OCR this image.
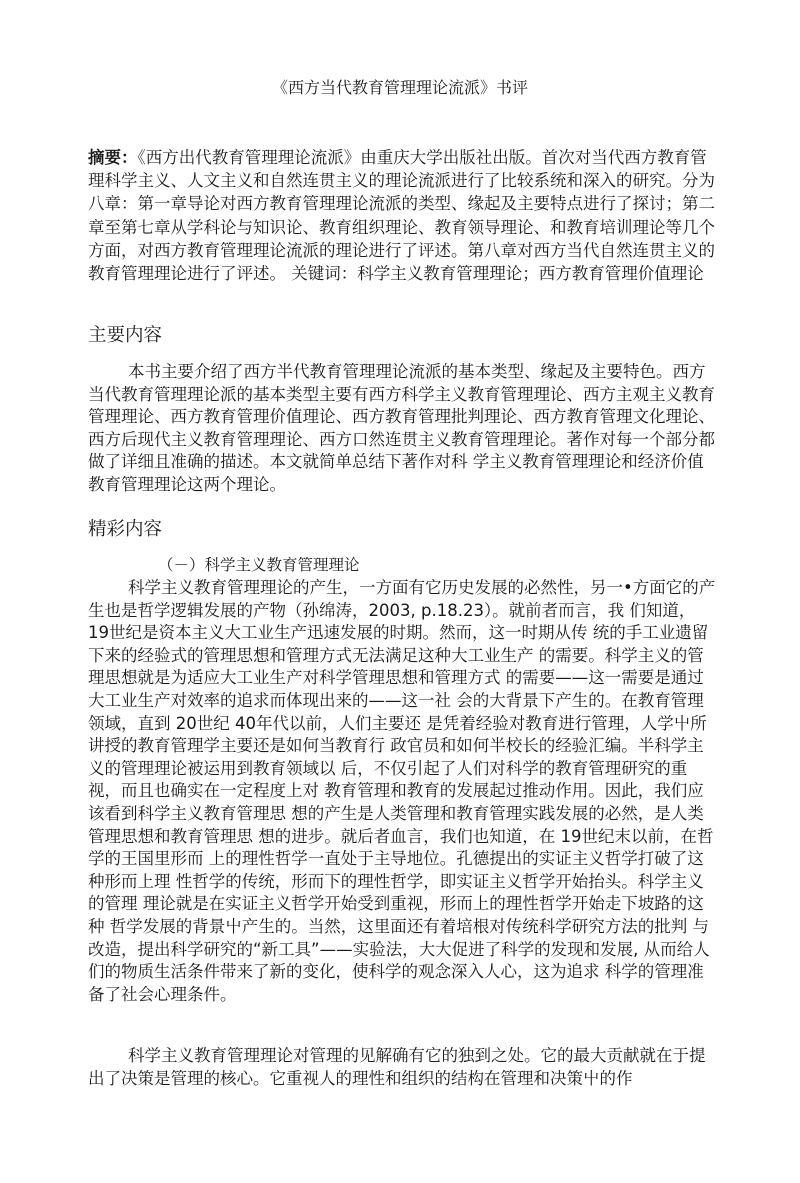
《西方当代教育管理理论流派》书评
摘要：《西方出代教育管理理论流派》由重庆大学出版社出版。首次对当代西方教育管理科学主义、人文主义和自然连贯主义的理论流派进行了比较系统和深入的研究。分为八章：第一章导论对西方教育管理理论流派的类型、缘起及主要特点进行了探讨；第二章至第七章从学科论与知识论、教育组织理论、教育领导理论、和教育培训理论等几个方面，对西方教育管理理论流派的理论进行了评述。第八章对西方当代自然连贯主义的教育管理理论进行了评述。 关键词：科学主义教育管理理论；西方教育管理价值理论
主要内容
本书主要介绍了西方半代教育管理理论流派的基本类型、缘起及主要特色。西方当代教育管理理论派的基本类型主要有西方科学主义教育管理理论、西方主观主义教育管理理论、西方教育管理价值理论、西方教育管理批判理论、西方教育管理文化理论、西方后现代主义教育管理理论、西方口然连贯主义教育管理理论。著作对每一个部分都做了详细且准确的描述。本文就简单总结下著作对科 学主义教育管理理论和经济价值教育管理理论这两个理论。
精彩内容
（－）科学主义教育管理理论
科学主义教育管理理论的产生，一方面有它历史发展的必然性，另一•方面它的产生也是哲学逻辑发展的产物（孙绵涛，2003, p.18.23）。就前者而言，我 们知道，19世纪是资本主义大工业生产迅速发展的时期。然而，这一时期从传 统的手工业遗留下来的经验式的管理思想和管理方式无法满足这种大工业生产 的需要。科学主义的管理思想就是为适应大工业生产对科学管理思想和管理方式 的需要——这一需要是通过大工业生产对效率的追求而体现出来的——这一社 会的大背景下产生的。在教育管理领域，直到 20世纪 40年代以前，人们主要还 是凭着经验对教育进行管理，人学屮所讲授的教育管理学主要还是如何当教育行 政官员和如何半校长的经验汇编。半科学主义的管理理论被运用到教育领域以 后，不仅引起了人们对科学的教育管理研究的重视，而且也确实在一定程度上对 教育管理和教育的发展起过推动作用。因此，我们应该看到科学主义教育管理思 想的产生是人类管理和教育管理实践发展的必然，是人类管理思想和教育管理思 想的进步。就后者血言，我们也知道，在 19世纪末以前，在哲学的王国里形而 上的理性哲学一直处于主导地位。孔德提出的实证主义哲学打破了这种形而上理 性哲学的传统，形而下的理性哲学，即实证主义哲学开始抬头。科学主义的管理 理论就是在实证主义哲学开始受到重视，形而上的理性哲学开始走下坡路的这种 哲学发展的背景屮产生的。当然，这里面还有着培根对传统科学研究方法的批判 与改造，提出科学研究的“新工具”——实验法，大大促进了科学的发现和发展, 从而给人们的物质生活条件带来了新的变化，使科学的观念深入人心，这为追求 科学的管理准备了社会心理条件。
科学主义教育管理理论对管理的见解确有它的独到之处。它的最大贡献就在于提出了决策是管理的核心。它重视人的理性和组织的结构在管理和决策屮的作
